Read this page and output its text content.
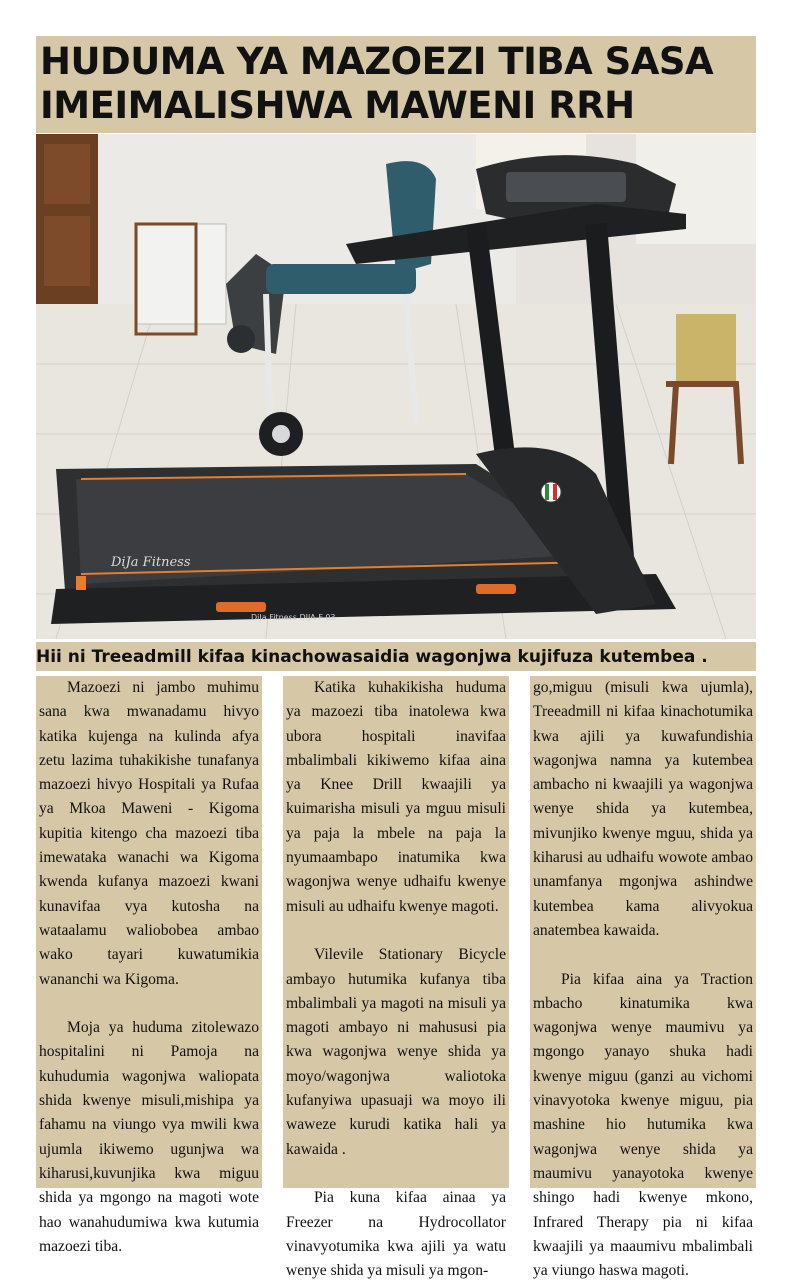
HUDUMA YA MAZOEZI TIBA SASA IMEIMALISHWA MAWENI RRH
DiJa Fitness
DiJa Fitness DIJA F 03
Hii ni Treeadmill kifaa kinachowasaidia wagonjwa kujifuza kutembea .

Mazoezi ni jambo muhimu sana kwa mwanadamu hivyo katika kujenga na kulinda afya zetu lazima tuhakikishe tunafanya mazoezi hivyo Hospitali ya Rufaa ya Mkoa Maweni - Kigoma kupitia kitengo cha mazoezi tiba imewataka wanachi wa Kigoma kwenda kufanya mazoezi kwani kunavifaa vya kutosha na wataalamu waliobobea ambao wako tayari kuwatumikia wananchi wa Kigoma.

Moja ya huduma zitolewazo hospitalini ni Pamoja na kuhudumia wagonjwa waliopata shida kwenye misuli,mishipa ya fahamu na viungo vya mwili kwa ujumla ikiwemo ugunjwa wa kiharusi,kuvunjika kwa miguu shida ya mgongo na magoti wote hao wanahudumiwa kwa kutumia mazoezi tiba.

Katika kuhakikisha huduma ya mazoezi tiba inatolewa kwa ubora hospitali inavifaa mbalimbali kikiwemo kifaa aina ya Knee Drill kwaajili ya kuimarisha misuli ya mguu misuli ya paja la mbele na paja la nyumaambapo inatumika kwa wagonjwa wenye udhaifu kwenye misuli au udhaifu kwenye magoti.

Vilevile Stationary Bicycle ambayo hutumika kufanya tiba mbalimbali ya magoti na misuli ya magoti ambayo ni mahususi pia kwa wagonjwa wenye shida ya moyo/wagonjwa waliotoka kufanyiwa upasuaji wa moyo ili waweze kurudi katika hali ya kawaida .

Pia kuna kifaa ainaa ya Freezer na Hydrocollator vinavyotumika kwa ajili ya watu wenye shida ya misuli ya mgon-

go,miguu (misuli kwa ujumla), Treeadmill ni kifaa kinachotumika kwa ajili ya kuwafundishia wagonjwa namna ya kutembea ambacho ni kwaajili ya wagonjwa wenye shida ya kutembea, mivunjiko kwenye mguu, shida ya kiharusi au udhaifu wowote ambao unamfanya mgonjwa ashindwe kutembea kama alivyokua anatembea kawaida.

Pia kifaa aina ya Traction mbacho kinatumika kwa wagonjwa wenye maumivu ya mgongo yanayo shuka hadi kwenye miguu (ganzi au vichomi vinavyotoka kwenye miguu, pia mashine hio hutumika kwa wagonjwa wenye shida ya maumivu yanayotoka kwenye shingo hadi kwenye mkono, Infrared Therapy pia ni kifaa kwaajili ya maaumivu mbalimbali ya viungo haswa magoti.
